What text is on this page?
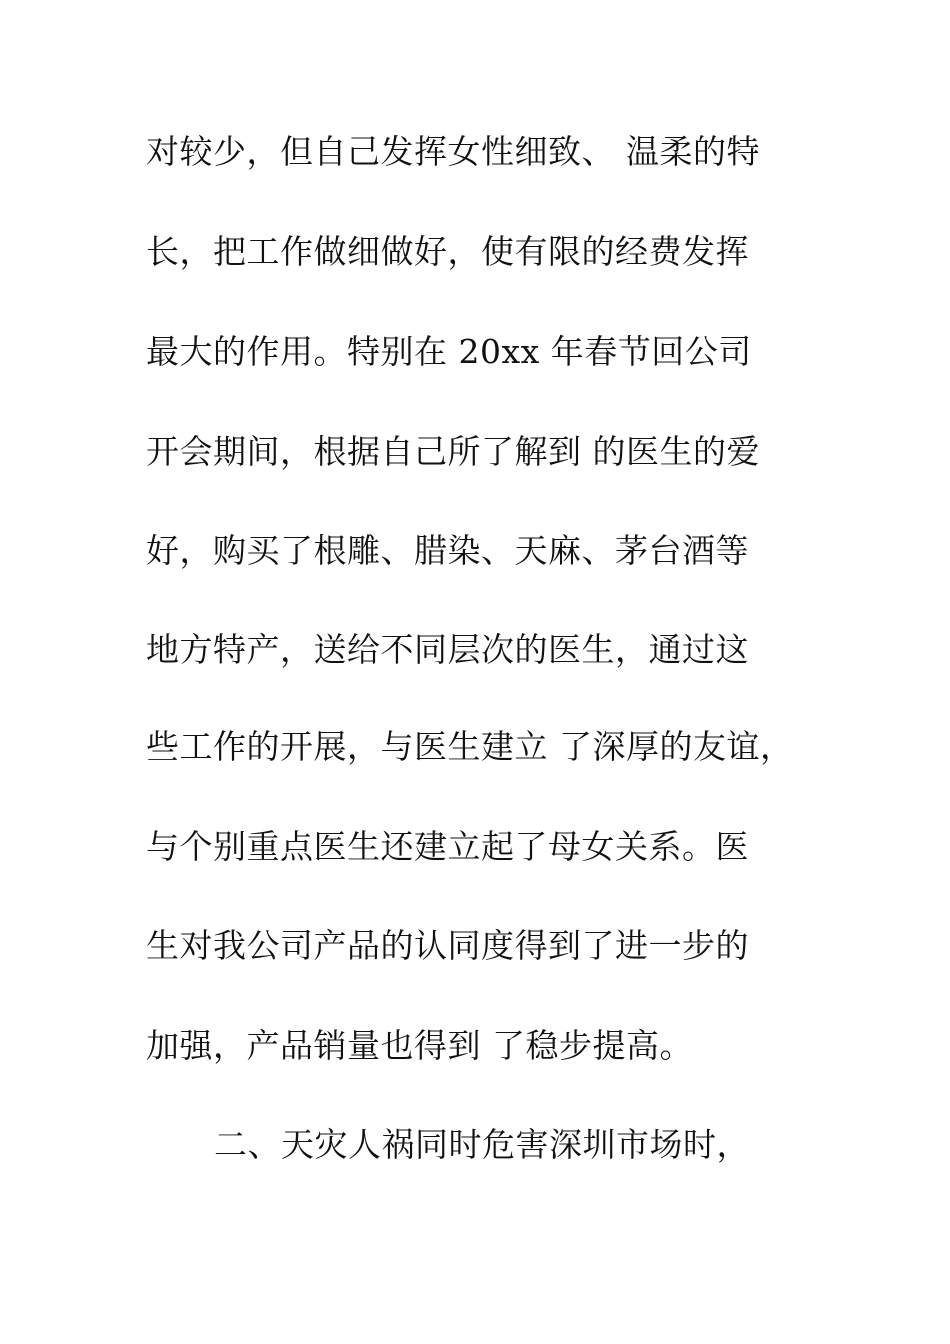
对较少，但自己发挥女性细致、 温柔的特
长，把工作做细做好，使有限的经费发挥
最大的作用。特别在 20xx 年春节回公司
开会期间，根据自己所了解到 的医生的爱
好，购买了根雕、腊染、天麻、茅台酒等
地方特产，送给不同层次的医生，通过这
些工作的开展，与医生建立 了深厚的友谊，
与个别重点医生还建立起了母女关系。医
生对我公司产品的认同度得到了进一步的
加强，产品销量也得到 了稳步提高。
二、天灾人祸同时危害深圳市场时，
